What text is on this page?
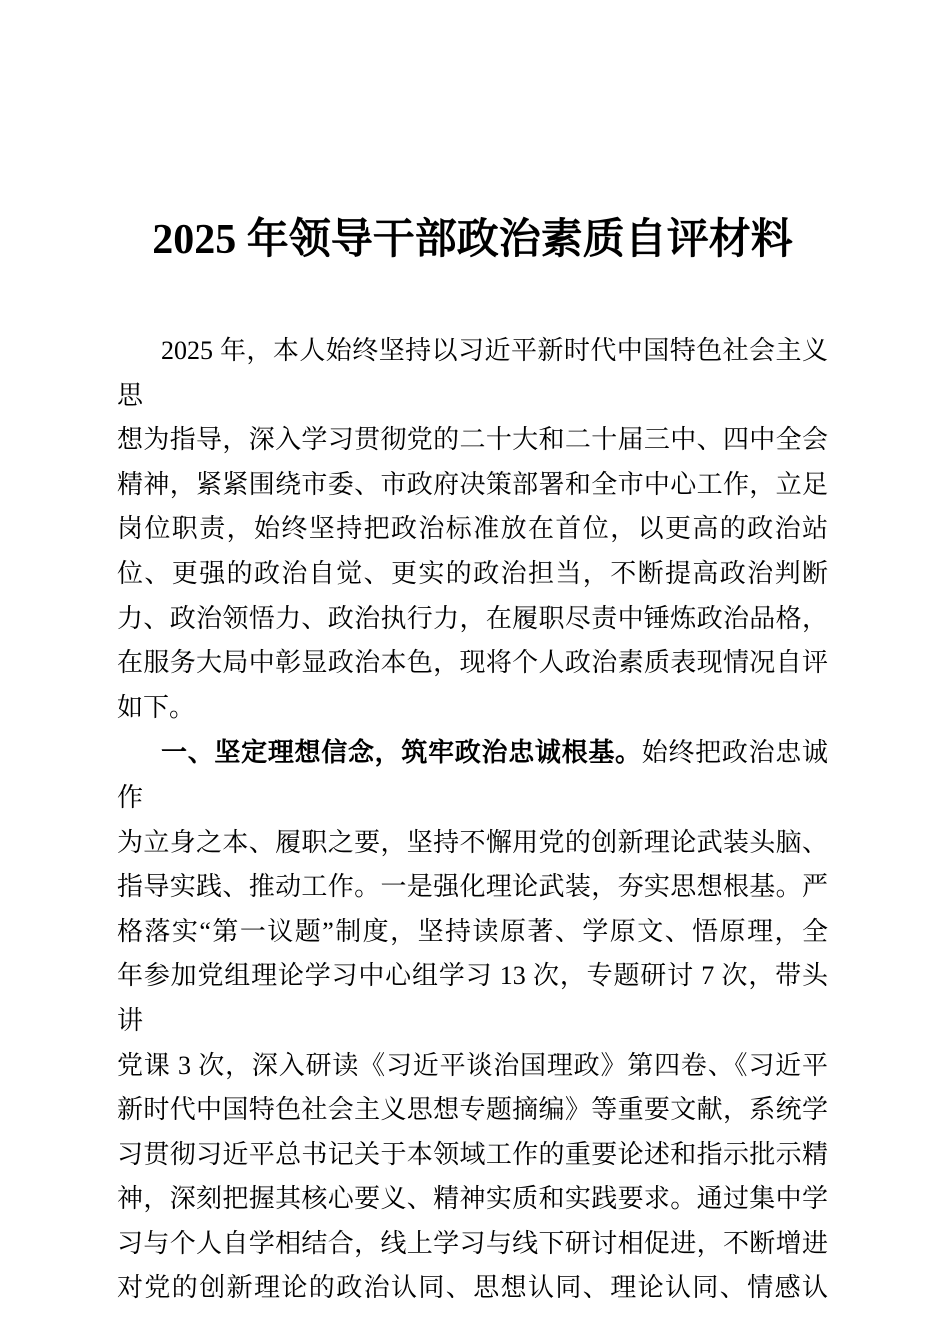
2025 年领导干部政治素质自评材料
2025 年，本人始终坚持以习近平新时代中国特色社会主义思
想为指导，深入学习贯彻党的二十大和二十届三中、四中全会
精神，紧紧围绕市委、市政府决策部署和全市中心工作，立足
岗位职责，始终坚持把政治标准放在首位，以更高的政治站
位、更强的政治自觉、更实的政治担当，不断提高政治判断
力、政治领悟力、政治执行力，在履职尽责中锤炼政治品格，
在服务大局中彰显政治本色，现将个人政治素质表现情况自评
如下。
一、坚定理想信念，筑牢政治忠诚根基。始终把政治忠诚作
为立身之本、履职之要，坚持不懈用党的创新理论武装头脑、
指导实践、推动工作。一是强化理论武装，夯实思想根基。严
格落实“第一议题”制度，坚持读原著、学原文、悟原理，全
年参加党组理论学习中心组学习 13 次，专题研讨 7 次，带头讲
党课 3 次，深入研读《习近平谈治国理政》第四卷、《习近平
新时代中国特色社会主义思想专题摘编》等重要文献，系统学
习贯彻习近平总书记关于本领域工作的重要论述和指示批示精
神，深刻把握其核心要义、精神实质和实践要求。通过集中学
习与个人自学相结合，线上学习与线下研讨相促进，不断增进
对党的创新理论的政治认同、思想认同、理论认同、情感认
